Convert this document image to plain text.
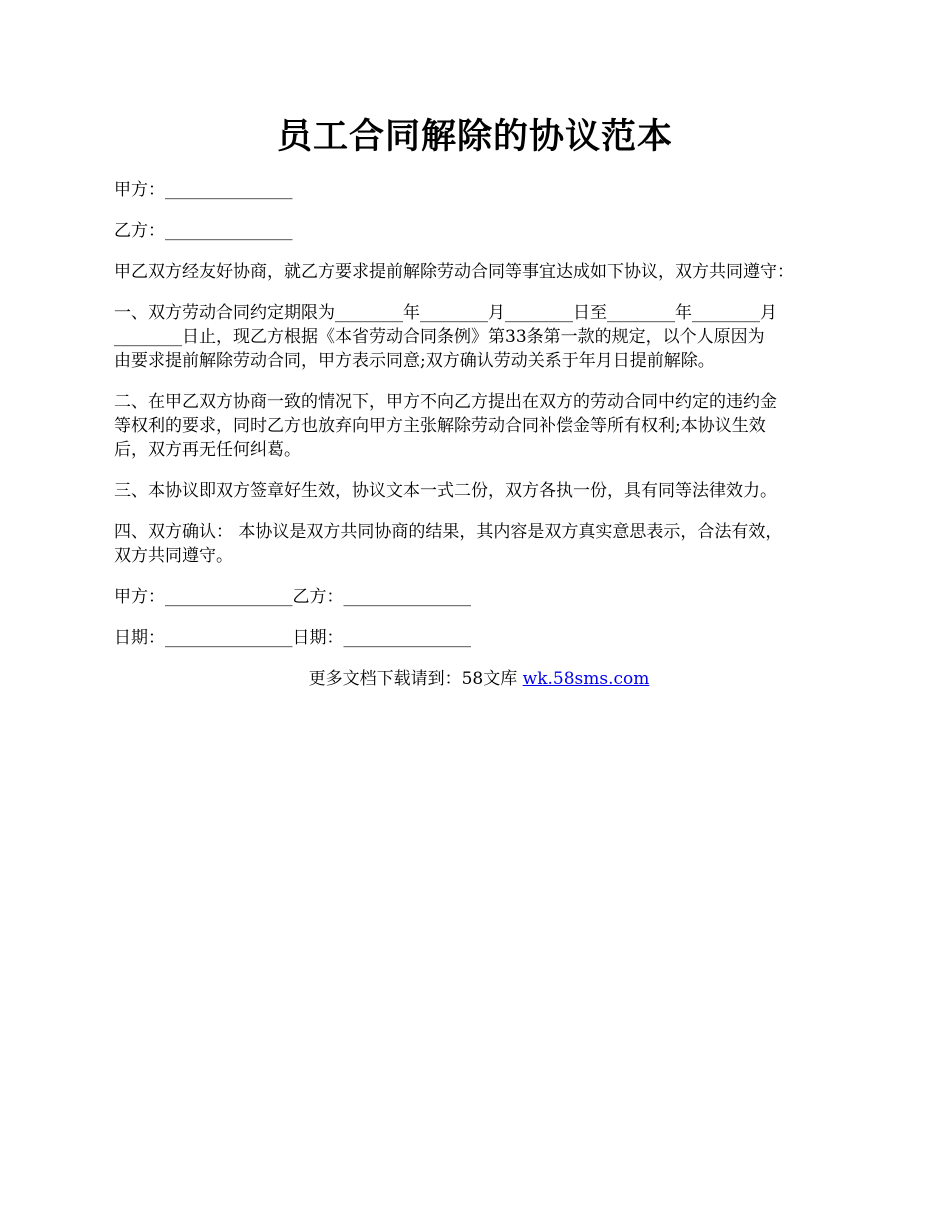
员工合同解除的协议范本

甲方：_______________

乙方：_______________

甲乙双方经友好协商，就乙方要求提前解除劳动合同等事宜达成如下协议，双方共同遵守：

一、双方劳动合同约定期限为________年________月________日至________年________月
________日止，现乙方根据《本省劳动合同条例》第33条第一款的规定，以个人原因为
由要求提前解除劳动合同，甲方表示同意;双方确认劳动关系于年月日提前解除。
二、在甲乙双方协商一致的情况下，甲方不向乙方提出在双方的劳动合同中约定的违约金
等权利的要求，同时乙方也放弃向甲方主张解除劳动合同补偿金等所有权利;本协议生效
后，双方再无任何纠葛。

三、本协议即双方签章好生效，协议文本一式二份，双方各执一份，具有同等法律效力。

四、双方确认： 本协议是双方共同协商的结果，其内容是双方真实意思表示，合法有效，
双方共同遵守。

甲方：_______________乙方：_______________

日期：_______________日期：_______________

更多文档下载请到：58文库 wk.58sms.com
